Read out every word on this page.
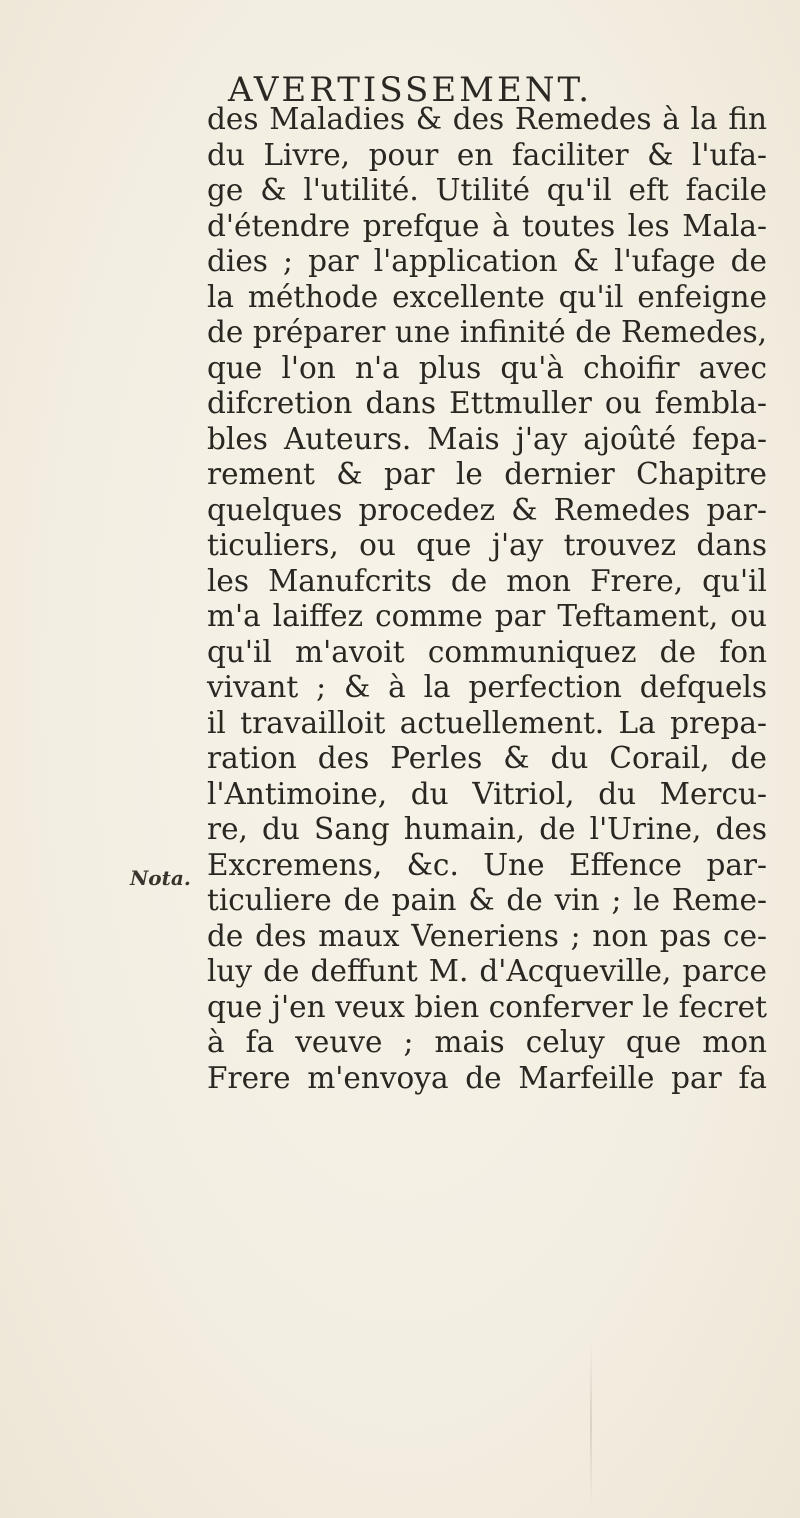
AVERTISSEMENT.
des Maladies & des Remedes à la fin
du Livre, pour en faciliter & l'ufa-
ge & l'utilité. Utilité qu'il eft facile
d'étendre prefque à toutes les Mala-
dies ; par l'application & l'ufage de
la méthode excellente qu'il enfeigne
de préparer une infinité de Remedes,
que l'on n'a plus qu'à choifir avec
difcretion dans Ettmuller ou fembla-
bles Auteurs. Mais j'ay ajoûté fepa-
rement & par le dernier Chapitre
quelques procedez & Remedes par-
ticuliers, ou que j'ay trouvez dans
les Manufcrits de mon Frere, qu'il
m'a laiffez comme par Teftament, ou
qu'il m'avoit communiquez de fon
vivant ; & à la perfection defquels
il travailloit actuellement. La prepa-
ration des Perles & du Corail, de
l'Antimoine, du Vitriol, du Mercu-
re, du Sang humain, de l'Urine, des
Excremens, &c. Une Effence par-
ticuliere de pain & de vin ; le Reme-
de des maux Veneriens ; non pas ce-
luy de deffunt M. d'Acqueville, parce
que j'en veux bien conferver le fecret
à fa veuve ; mais celuy que mon
Frere m'envoya de Marfeille par fa
Nota.
